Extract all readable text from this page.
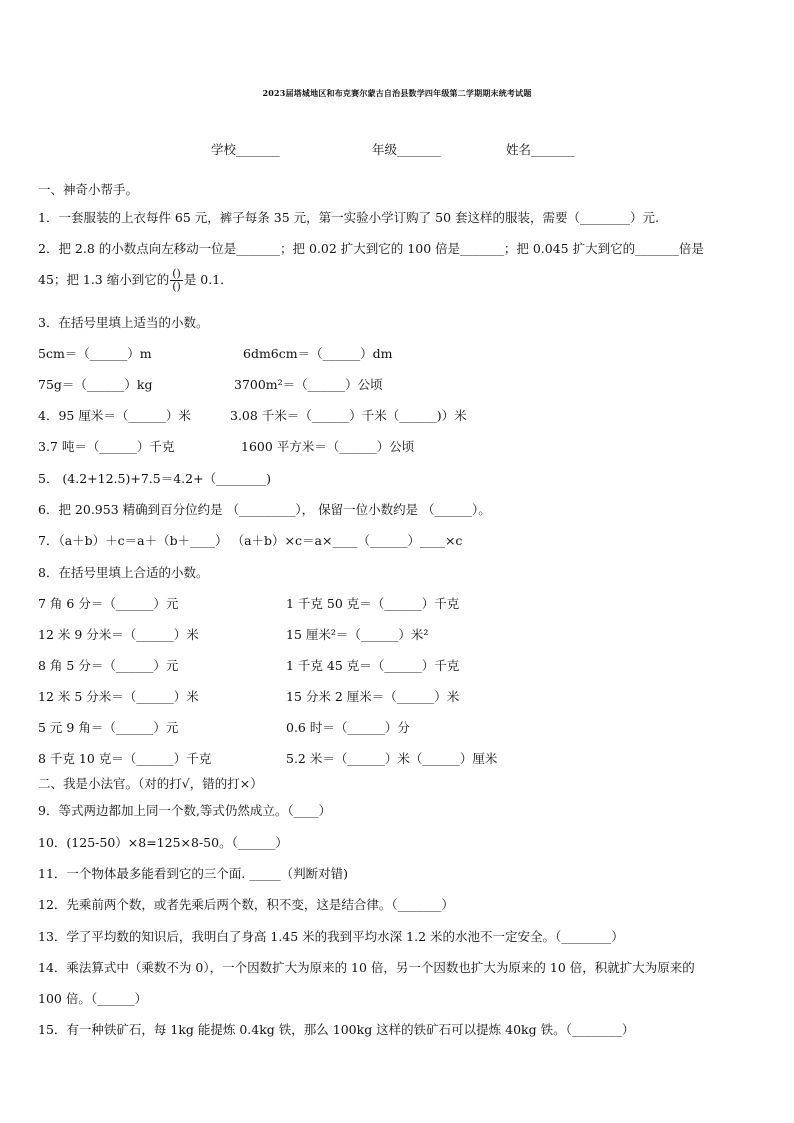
2023届塔城地区和布克赛尔蒙古自治县数学四年级第二学期期末统考试题
学校_______	年级_______	姓名_______
一、神奇小帮手。
1．一套服装的上衣每件 65 元，裤子每条 35 元，第一实验小学订购了 50 套这样的服装，需要（________）元.
2．把 2.8 的小数点向左移动一位是_______；把 0.02 扩大到它的 100 倍是_______；把 0.045 扩大到它的_______倍是
45；把 1.3 缩小到它的 $\frac{()}{()}$ 是 0.1．
3．在括号里填上适当的小数。
5cm＝（______）m	6dm6cm＝（______）dm
75g＝（______）kg	3700m²＝（______）公顷
4．95 厘米＝（______）米	3.08 千米＝（______）千米（______)）米
3.7 吨＝（______）千克	1600 平方米＝（______）公顷
5． (4.2+12.5)+7.5＝4.2+（________)
6．把 20.953 精确到百分位约是 （_________）， 保留一位小数约是 （______）。
7．（a＋b）＋c＝a＋（b＋____） （a＋b）×c＝a×____（______）____×c
8．在括号里填上合适的小数。
7 角 6 分＝（______）元	1 千克 50 克＝（______）千克
12 米 9 分米＝（______）米	15 厘米²＝（______）米²
8 角 5 分＝（______）元	1 千克 45 克＝（______）千克
12 米 5 分米＝（______）米	15 分米 2 厘米＝（______）米
5 元 9 角＝（______）元	0.6 时＝（______）分
8 千克 10 克＝（______）千克	5.2 米＝（______）米（______）厘米
二、我是小法官。（对的打√，错的打×）
9．等式两边都加上同一个数,等式仍然成立。（____）
10．(125-50）×8=125×8-50。（______）
11．一个物体最多能看到它的三个面. _____（判断对错)
12．先乘前两个数，或者先乘后两个数，积不变，这是结合律。（_______）
13．学了平均数的知识后，我明白了身高 1.45 米的我到平均水深 1.2 米的水池不一定安全。（________）
14．乘法算式中（乘数不为 0），一个因数扩大为原来的 10 倍，另一个因数也扩大为原来的 10 倍，积就扩大为原来的
100 倍。（______）
15．有一种铁矿石，每 1kg 能提炼 0.4kg 铁，那么 100kg 这样的铁矿石可以提炼 40kg 铁。（________）
